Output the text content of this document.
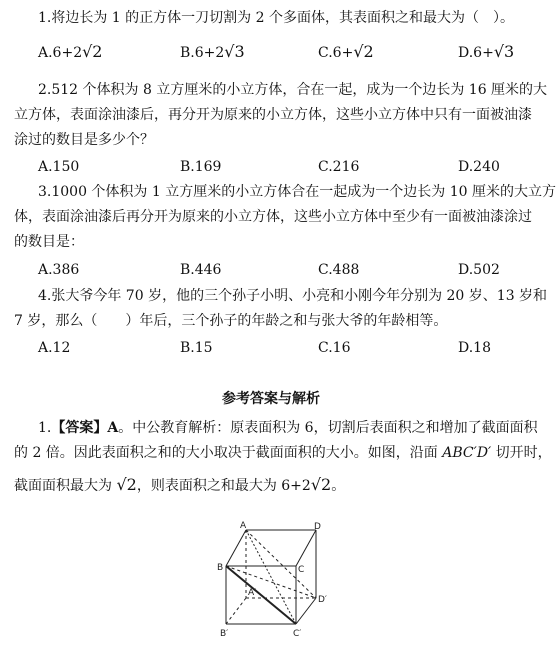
1.将边长为 1 的正方体一刀切割为 2 个多面体，其表面积之和最大为（　）。
A.6+2√2	B.6+2√3	C.6+√2	D.6+√3
2.512 个体积为 8 立方厘米的小立方体，合在一起，成为一个边长为 16 厘米的大
立方体，表面涂油漆后，再分开为原来的小立方体，这些小立方体中只有一面被油漆
涂过的数目是多少个？
A.150	B.169	C.216	D.240
3.1000 个体积为 1 立方厘米的小立方体合在一起成为一个边长为 10 厘米的大立方
体，表面涂油漆后再分开为原来的小立方体，这些小立方体中至少有一面被油漆涂过
的数目是：
A.386	B.446	C.488	D.502
4.张大爷今年 70 岁，他的三个孙子小明、小亮和小刚今年分别为 20 岁、13 岁和
7 岁，那么（　　）年后，三个孙子的年龄之和与张大爷的年龄相等。
A.12	B.15	C.16	D.18
参考答案与解析
1.【答案】A。中公教育解析：原表面积为 6，切割后表面积之和增加了截面面积
的 2 倍。因此表面积之和的大小取决于截面面积的大小。如图，沿面 ABC′D′ 切开时，
截面面积最大为 √2，则表面积之和最大为 6+2√2。
A	D
B	C
A′
D′
B′	C′
